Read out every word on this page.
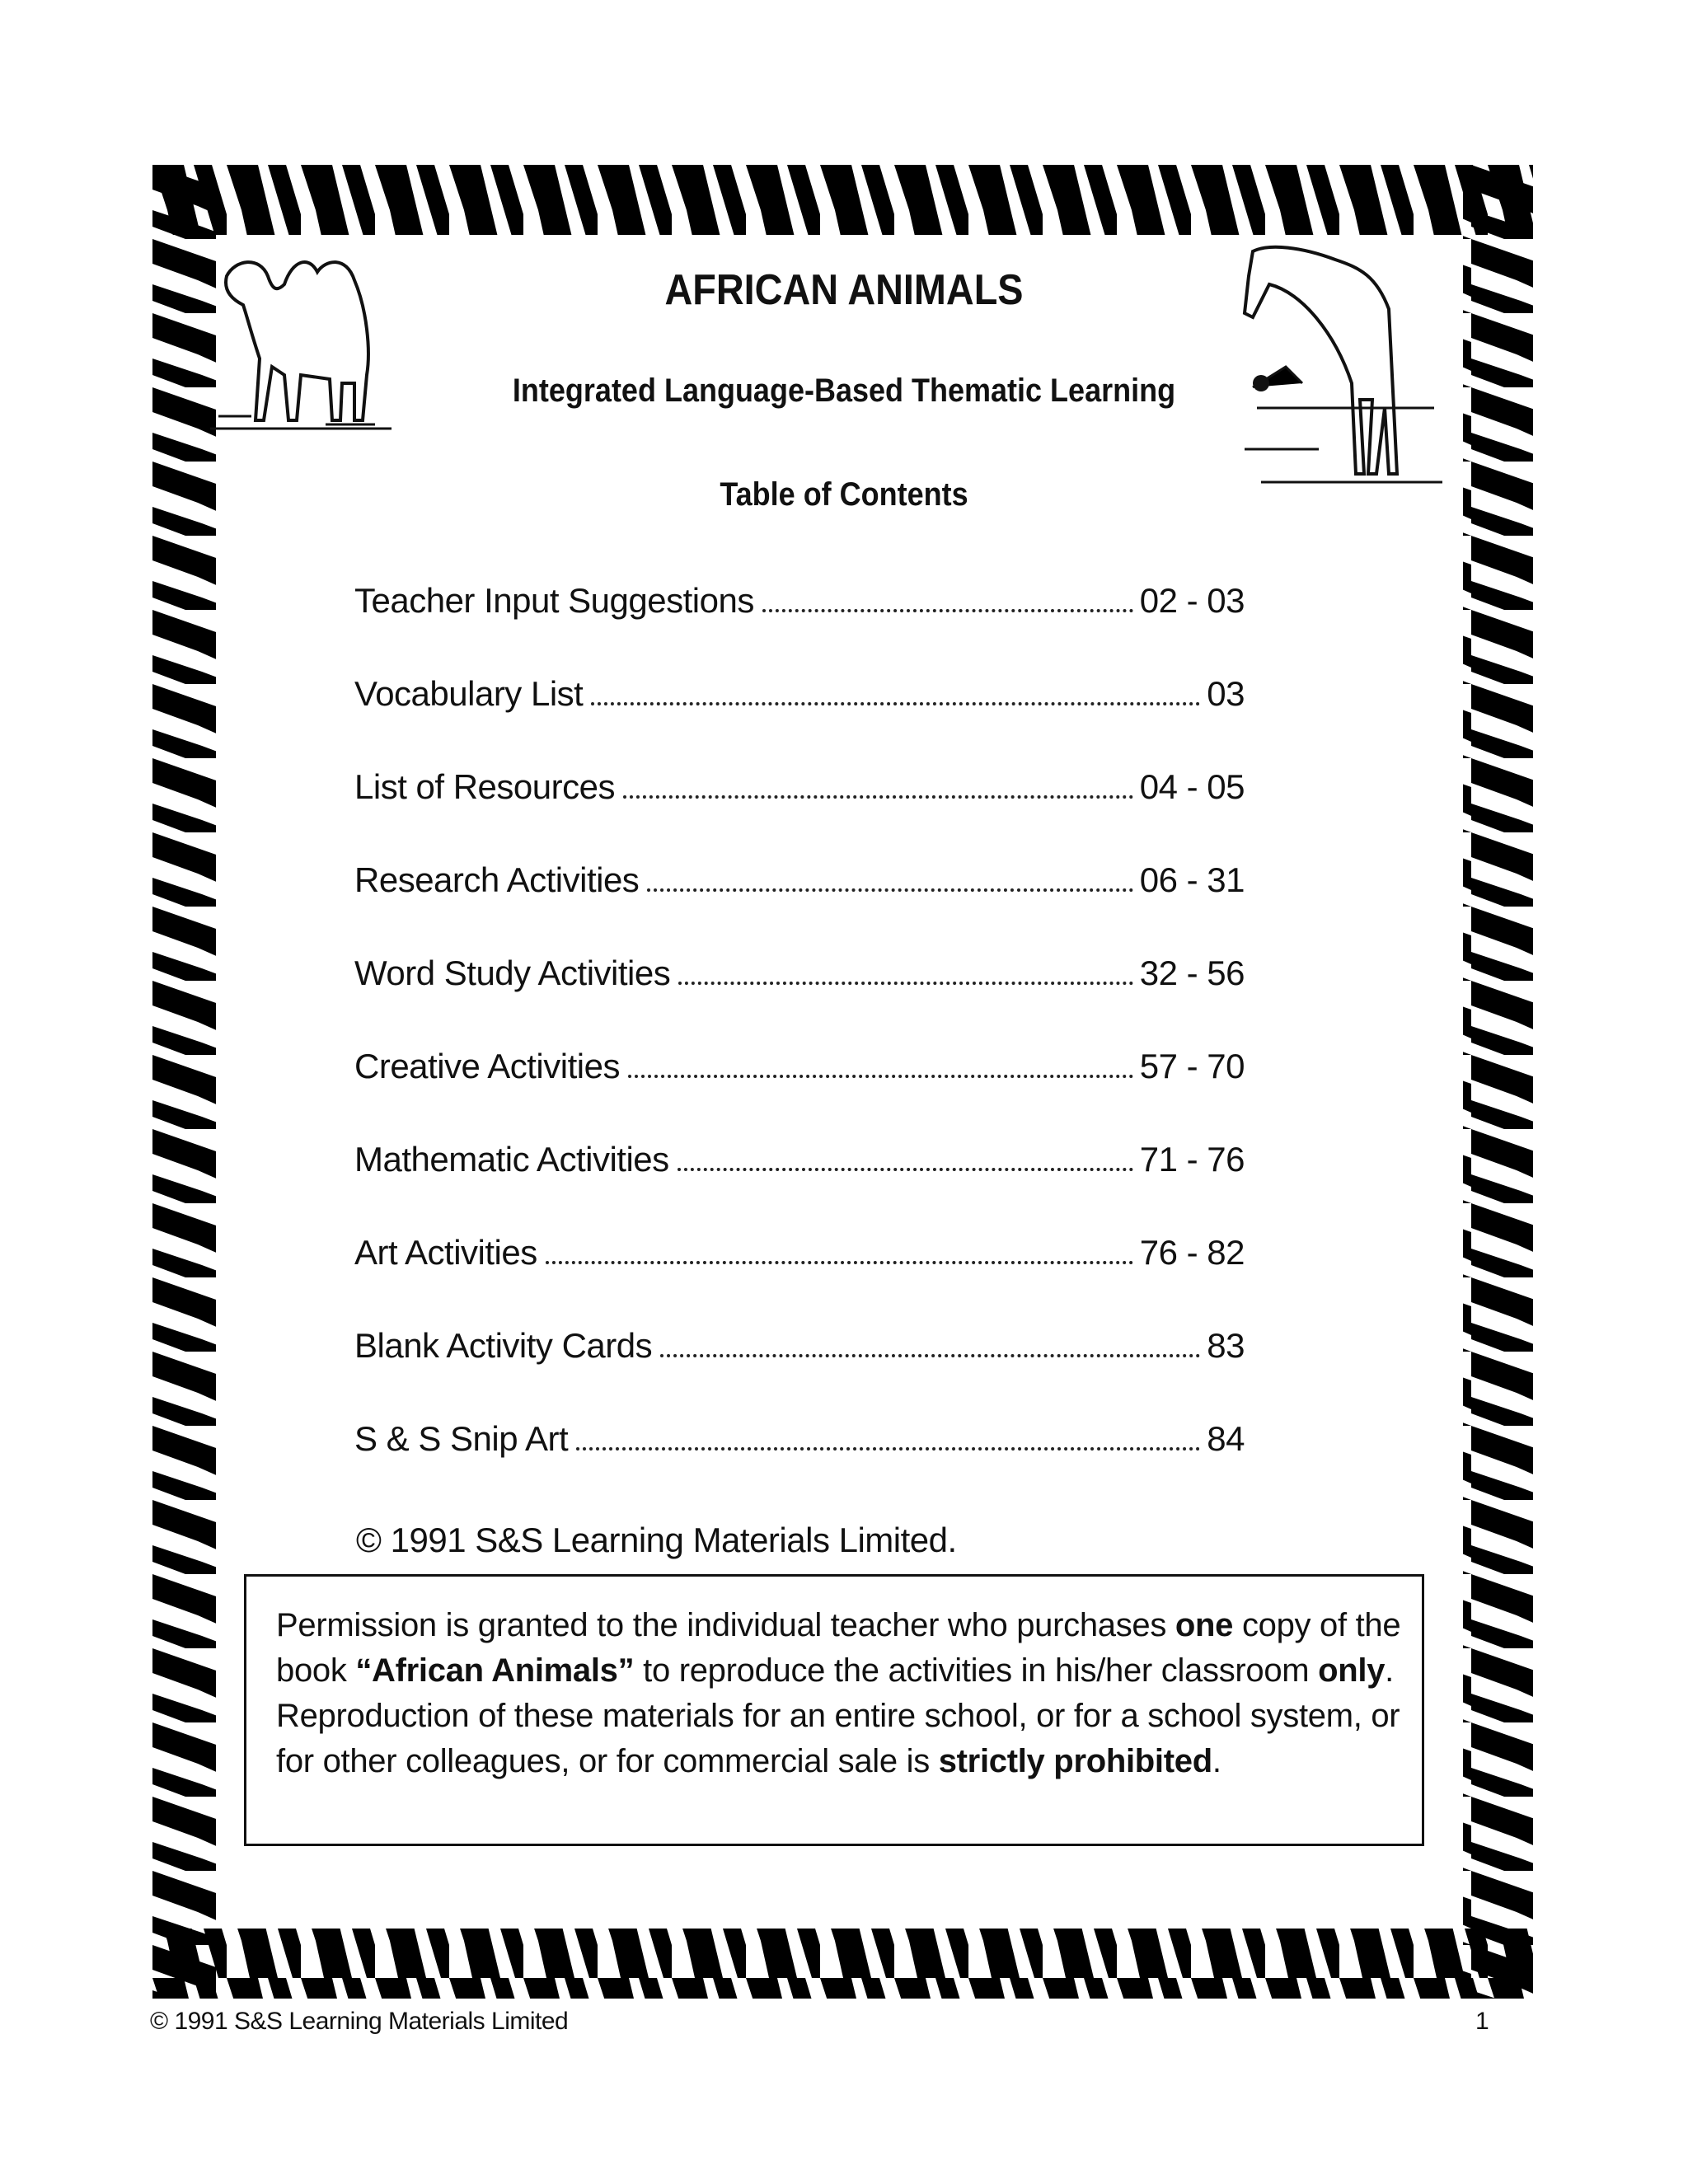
AFRICAN ANIMALS
Integrated Language-Based Thematic Learning
Table of Contents
Teacher Input Suggestions	02 - 03
Vocabulary List	03
List of Resources	04 - 05
Research Activities	06 - 31
Word Study Activities	32 - 56
Creative Activities	57 - 70
Mathematic Activities	71 - 76
Art Activities	76 - 82
Blank Activity Cards	83
S & S Snip Art	84
© 1991 S&S Learning Materials Limited.
Permission is granted to the individual teacher who purchases one copy of the book “African Animals” to reproduce the activities in his/her classroom only. Reproduction of these materials for an entire school, or for a school system, or for other colleagues, or for commercial sale is strictly prohibited.
© 1991 S&S Learning Materials Limited	1
